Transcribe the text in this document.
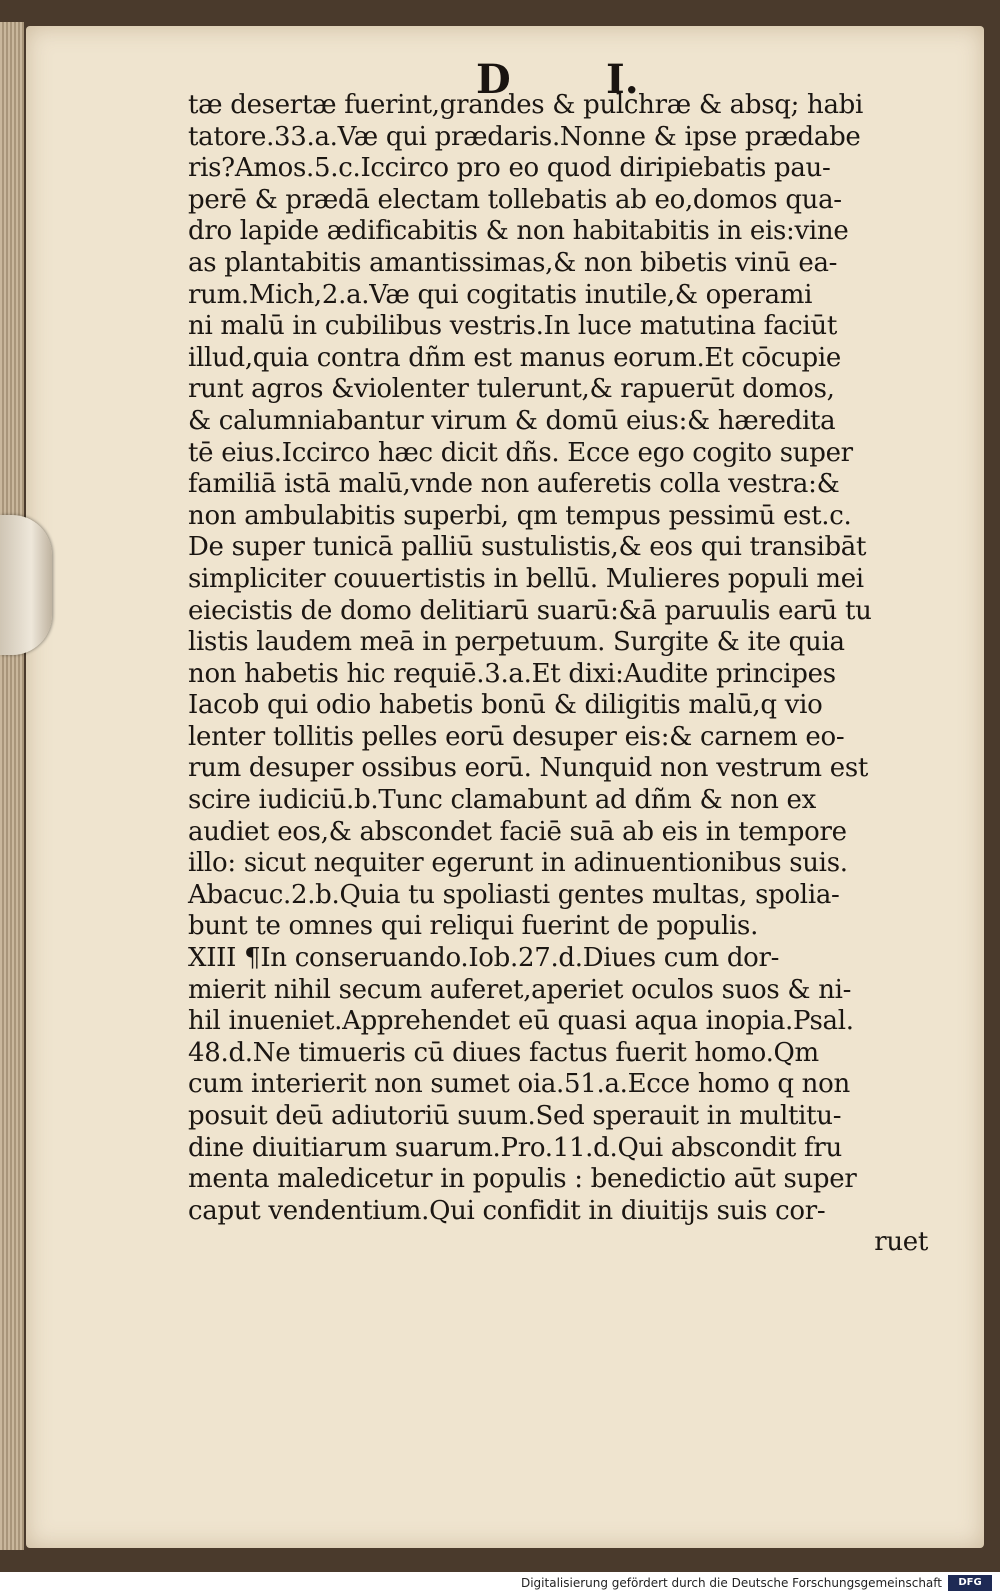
D I.
tæ desertæ fuerint,grandes & pulchræ & absq; habi
tatore.33.a.Væ qui prædaris.Nonne & ipse prædabe
ris?Amos.5.c.Iccirco pro eo quod diripiebatis pau-
perē & prædā electam tollebatis ab eo,domos qua-
dro lapide ædificabitis & non habitabitis in eis:vine
as plantabitis amantissimas,& non bibetis vinū ea-
rum.Mich,2.a.Væ qui cogitatis inutile,& operami
ni malū in cubilibus vestris.In luce matutina faciūt
illud,quia contra dñm est manus eorum.Et cōcupie
runt agros &violenter tulerunt,& rapuerūt domos,
& calumniabantur virum & domū eius:& hæredita
tē eius.Iccirco hæc dicit dñs. Ecce ego cogito super
familiā istā malū,vnde non auferetis colla vestra:&
non ambulabitis superbi, qm tempus pessimū est.c.
De super tunicā palliū sustulistis,& eos qui transibāt
simpliciter couuertistis in bellū. Mulieres populi mei
eiecistis de domo delitiarū suarū:&ā paruulis earū tu
listis laudem meā in perpetuum. Surgite & ite quia
non habetis hic requiē.3.a.Et dixi:Audite principes
Iacob qui odio habetis bonū & diligitis malū,q vio
lenter tollitis pelles eorū desuper eis:& carnem eo-
rum desuper ossibus eorū. Nunquid non vestrum est
scire iudiciū.b.Tunc clamabunt ad dñm & non ex
audiet eos,& abscondet faciē suā ab eis in tempore
illo: sicut nequiter egerunt in adinuentionibus suis.
Abacuc.2.b.Quia tu spoliasti gentes multas, spolia-
bunt te omnes qui reliqui fuerint de populis.
XIII ¶In conseruando.Iob.27.d.Diues cum dor-
mierit nihil secum auferet,aperiet oculos suos & ni-
hil inueniet.Apprehendet eū quasi aqua inopia.Psal.
48.d.Ne timueris cū diues factus fuerit homo.Qm
cum interierit non sumet oia.51.a.Ecce homo q non
posuit deū adiutoriū suum.Sed sperauit in multitu-
dine diuitiarum suarum.Pro.11.d.Qui abscondit fru
menta maledicetur in populis : benedictio aūt super
caput vendentium.Qui confidit in diuitijs suis cor-
ruet
Digitalisierung gefördert durch die Deutsche Forschungsgemeinschaft	DFG
